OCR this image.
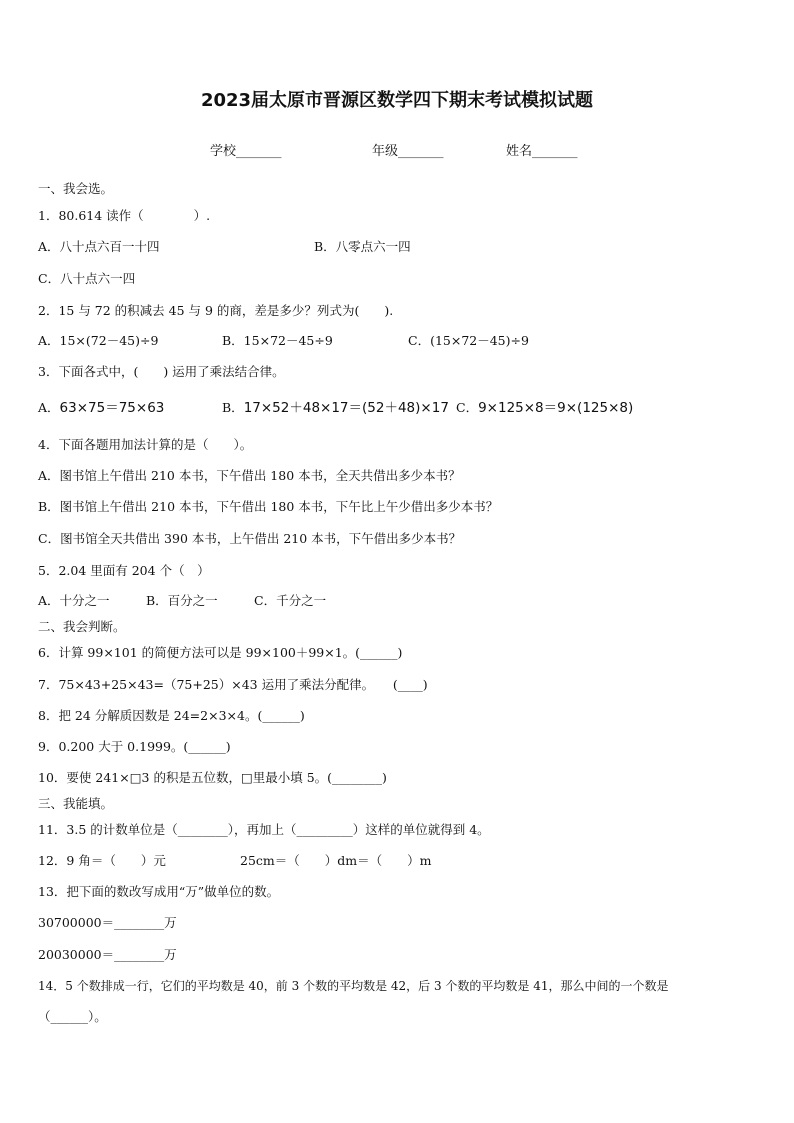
2023届太原市晋源区数学四下期末考试模拟试题
学校_______	年级_______	姓名_______
一、我会选。
1．80.614 读作（　　　　）.
A．八十点六百一十四	B．八零点六一四
C．八十点六一四
2．15 与 72 的积减去 45 与 9 的商，差是多少？列式为(　　).
A．15×(72－45)÷9	B．15×72－45÷9	C．(15×72－45)÷9
3．下面各式中，(　　) 运用了乘法结合律。
A．63×75＝75×63	B．17×52＋48×17＝(52＋48)×17 C．9×125×8＝9×(125×8)
4．下面各题用加法计算的是（　　）。
A．图书馆上午借出 210 本书，下午借出 180 本书，全天共借出多少本书？
B．图书馆上午借出 210 本书，下午借出 180 本书，下午比上午少借出多少本书？
C．图书馆全天共借出 390 本书，上午借出 210 本书，下午借出多少本书？
5．2.04 里面有 204 个（　）
A．十分之一	B．百分之一	C．千分之一
二、我会判断。
6．计算 99×101 的简便方法可以是 99×100＋99×1。(______)
7．75×43+25×43=（75+25）×43 运用了乘法分配律。　　(____)
8．把 24 分解质因数是 24=2×3×4。(______)
9．0.200 大于 0.1999。(______)
10．要使 241×□3 的积是五位数，□里最小填 5。(________)
三、我能填。
11．3.5 的计数单位是（________），再加上（_________）这样的单位就得到 4。
12．9 角＝（　　）元	25cm＝（　　）dm＝（　　）m
13．把下面的数改写成用“万”做单位的数。
30700000＝________万
20030000＝________万
14．5 个数排成一行，它们的平均数是 40，前 3 个数的平均数是 42，后 3 个数的平均数是 41，那么中间的一个数是
（______）。
